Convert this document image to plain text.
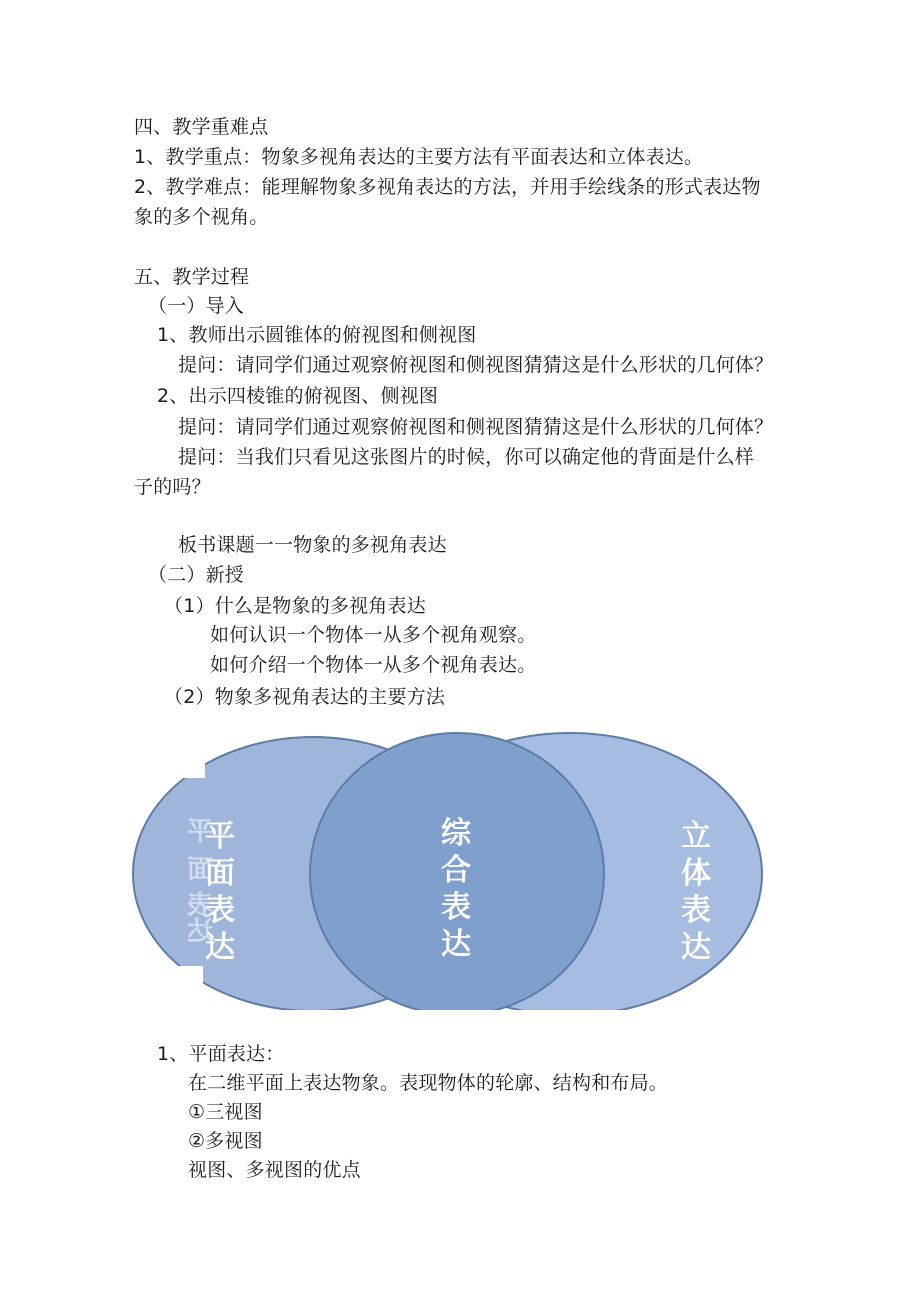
四、教学重难点
1、教学重点：物象多视角表达的主要方法有平面表达和立体表达。
2、教学难点：能理解物象多视角表达的方法，并用手绘线条的形式表达物
象的多个视角。
五、教学过程
（一）导入
1、教师出示圆锥体的俯视图和侧视图
提问：请同学们通过观察俯视图和侧视图猜猜这是什么形状的几何体？
2、出示四棱锥的俯视图、侧视图
提问：请同学们通过观察俯视图和侧视图猜猜这是什么形状的几何体？
提问：当我们只看见这张图片的时候，你可以确定他的背面是什么样
子的吗？
板书课题一一物象的多视角表达
（二）新授
（1）什么是物象的多视角表达
如何认识一个物体一从多个视角观察。
如何介绍一个物体一从多个视角表达。
（2）物象多视角表达的主要方法
平
面
表
达
平
面
表
达
综
合
表
达
立
体
表
达
1、平面表达：
在二维平面上表达物象。表现物体的轮廓、结构和布局。
①三视图
②多视图
视图、多视图的优点
